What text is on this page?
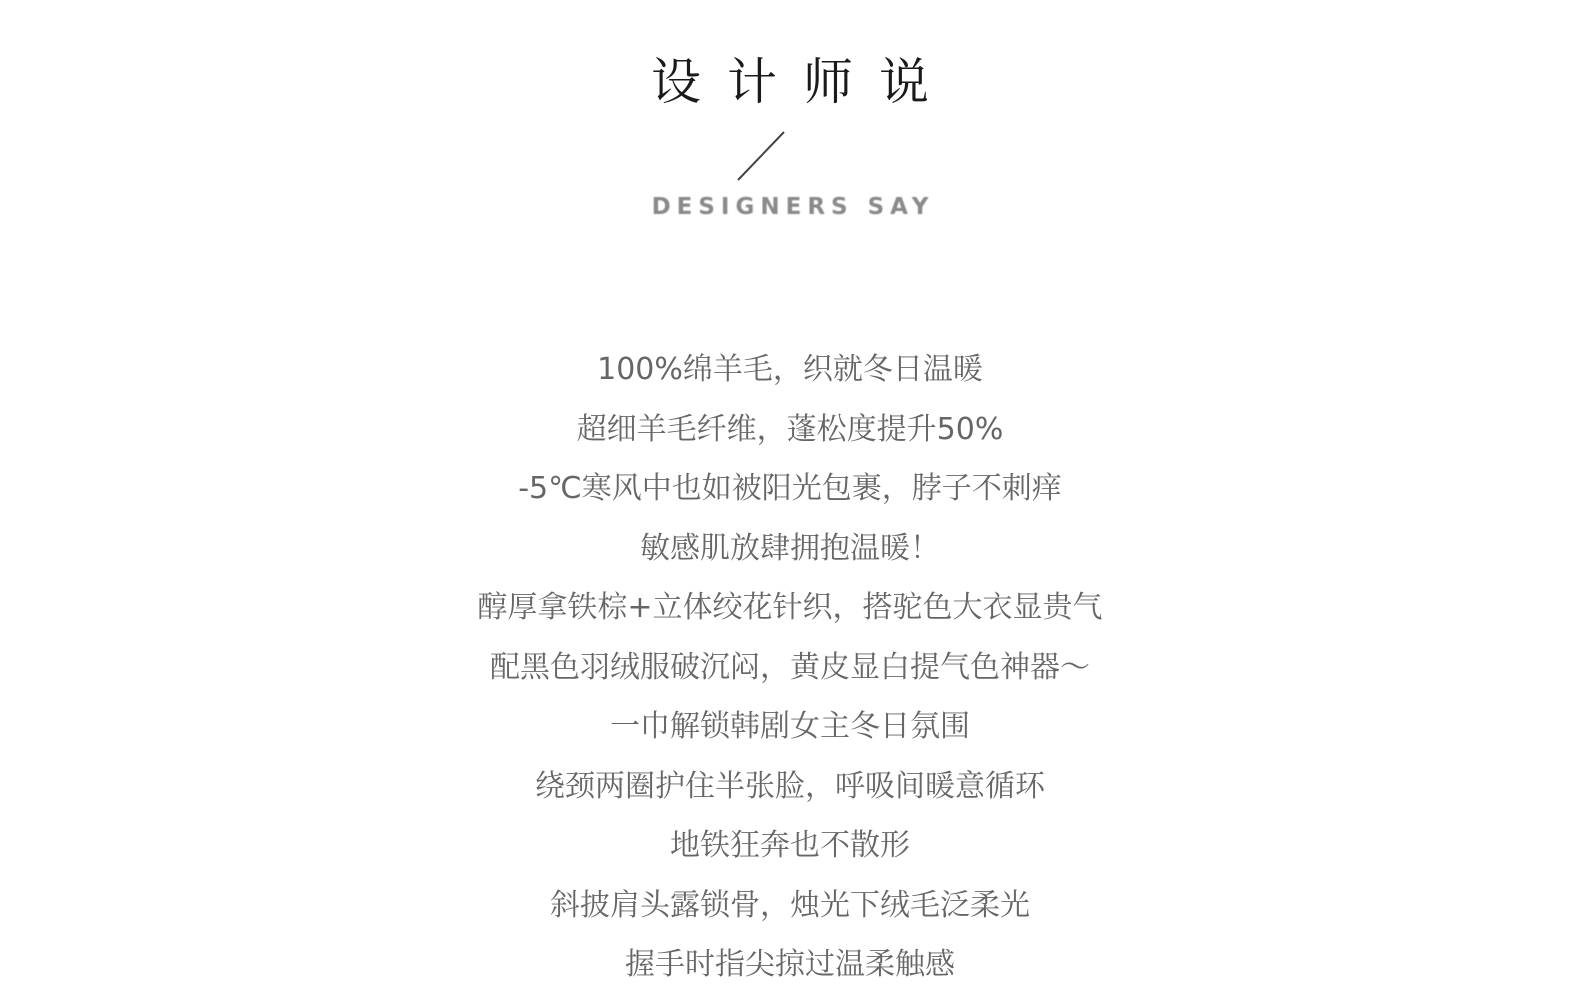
设计师说
DESIGNERS SAY
100%绵羊毛，织就冬日温暖
超细羊毛纤维，蓬松度提升50%
-5℃寒风中也如被阳光包裹，脖子不刺痒
敏感肌放肆拥抱温暖！
醇厚拿铁棕+立体绞花针织，搭驼色大衣显贵气
配黑色羽绒服破沉闷，黄皮显白提气色神器～
一巾解锁韩剧女主冬日氛围
绕颈两圈护住半张脸，呼吸间暖意循环
地铁狂奔也不散形
斜披肩头露锁骨，烛光下绒毛泛柔光
握手时指尖掠过温柔触感
